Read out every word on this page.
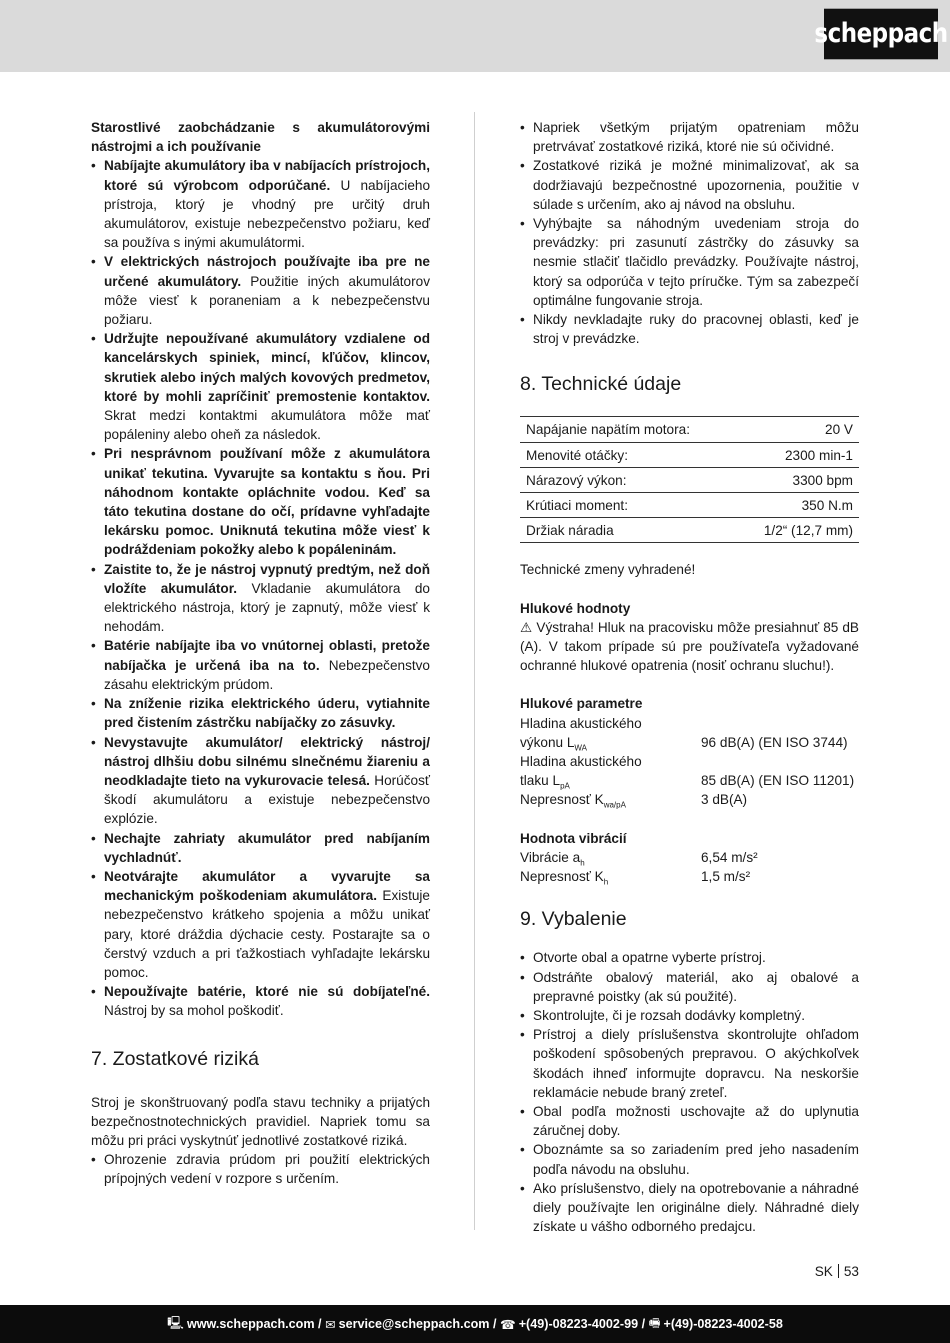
scheppach

Starostlivé zaobchádzanie s akumulátorovými nástrojmi a ich používanie

• Nabíjajte akumulátory iba v nabíjacích prístrojoch, ktoré sú výrobcom odporúčané. U nabíjacieho prístroja, ktorý je vhodný pre určitý druh akumulátorov, existuje nebezpečenstvo požiaru, keď sa používa s inými akumulátormi.
• V elektrických nástrojoch používajte iba pre ne určené akumulátory. Použitie iných akumulátorov môže viesť k poraneniam a k nebezpečenstvu požiaru.
• Udržujte nepoužívané akumulátory vzdialene od kancelárskych spiniek, mincí, kľúčov, klincov, skrutiek alebo iných malých kovových predmetov, ktoré by mohli zapríčiniť premostenie kontaktov. Skrat medzi kontaktmi akumulátora môže mať popáleniny alebo oheň za následok.
• Pri nesprávnom používaní môže z akumulátora unikať tekutina. Vyvarujte sa kontaktu s ňou. Pri náhodnom kontakte opláchnite vodou. Keď sa táto tekutina dostane do očí, prídavne vyhľadajte lekársku pomoc. Uniknutá tekutina môže viesť k podráždeniam pokožky alebo k popáleninám.
• Zaistite to, že je nástroj vypnutý predtým, než doň vložíte akumulátor. Vkladanie akumulátora do elektrického nástroja, ktorý je zapnutý, môže viesť k nehodám.
• Batérie nabíjajte iba vo vnútornej oblasti, pretože nabíjačka je určená iba na to. Nebezpečenstvo zásahu elektrickým prúdom.
• Na zníženie rizika elektrického úderu, vytiahnite pred čistením zástrčku nabíjačky zo zásuvky.
• Nevystavujte akumulátor/ elektrický nástroj/ nástroj dlhšiu dobu silnému slnečnému žiareniu a neodkladajte tieto na vykurovacie telesá. Horúčosť škodí akumulátoru a existuje nebezpečenstvo explózie.
• Nechajte zahriaty akumulátor pred nabíjaním vychladnúť.
• Neotvárajte akumulátor a vyvarujte sa mechanickým poškodeniam akumulátora. Existuje nebezpečenstvo krátkeho spojenia a môžu unikať pary, ktoré dráždia dýchacie cesty. Postarajte sa o čerstvý vzduch a pri ťažkostiach vyhľadajte lekársku pomoc.
• Nepoužívajte batérie, ktoré nie sú dobíjateľné. Nástroj by sa mohol poškodiť.
7. Zostatkové riziká

Stroj je skonštruovaný podľa stavu techniky a prijatých bezpečnostnotechnických pravidiel. Napriek tomu sa môžu pri práci vyskytnúť jednotlivé zostatkové riziká.

• Ohrozenie zdravia prúdom pri použití elektrických prípojných vedení v rozpore s určením.
• Napriek všetkým prijatým opatreniam môžu pretrvávať zostatkové riziká, ktoré nie sú očividné.
• Zostatkové riziká je možné minimalizovať, ak sa dodržiavajú bezpečnostné upozornenia, použitie v súlade s určením, ako aj návod na obsluhu.
• Vyhýbajte sa náhodným uvedeniam stroja do prevádzky: pri zasunutí zástrčky do zásuvky sa nesmie stlačiť tlačidlo prevádzky. Používajte nástroj, ktorý sa odporúča v tejto príručke. Tým sa zabezpečí optimálne fungovanie stroja.
• Nikdy nevkladajte ruky do pracovnej oblasti, keď je stroj v prevádzke.
8. Technické údaje
Napájanie napätím motora:	20 V
Menovité otáčky:	2300 min-1
Nárazový výkon:	3300 bpm
Krútiaci moment:	350 N.m
Držiak náradia	1/2“ (12,7 mm)

Technické zmeny vyhradené!

Hlukové hodnoty

⚠ Výstraha! Hluk na pracovisku môže presiahnuť 85 dB (A). V takom prípade sú pre používateľa vyžadované ochranné hlukové opatrenia (nosiť ochranu sluchu!).

Hlukové parametre

Hladina akustického
výkonu $L_{WA}$	96 dB(A) (EN ISO 3744)
Hladina akustického
tlaku $L_{pA}$	85 dB(A) (EN ISO 11201)
Nepresnosť $K_{wa/pA}$	3 dB(A)

Hodnota vibrácií

Vibrácie $a_h$	6,54 m/s²
Nepresnosť $K_h$	1,5 m/s²
9. Vybalenie
• Otvorte obal a opatrne vyberte prístroj.
• Odstráňte obalový materiál, ako aj obalové a prepravné poistky (ak sú použité).
• Skontrolujte, či je rozsah dodávky kompletný.
• Prístroj a diely príslušenstva skontrolujte ohľadom poškodení spôsobených prepravou. O akýchkoľvek škodách ihneď informujte dopravcu. Na neskoršie reklamácie nebude braný zreteľ.
• Obal podľa možnosti uschovajte až do uplynutia záručnej doby.
• Oboznámte sa so zariadením pred jeho nasadením podľa návodu na obsluhu.
• Ako príslušenstvo, diely na opotrebovanie a náhradné diely používajte len originálne diely. Náhradné diely získate u vášho odborného predajcu.
SK 53
🖳 www.scheppach.com /
✉ service@scheppach.com /
☎ +(49)-08223-4002-99 /
🖷 +(49)-08223-4002-58
